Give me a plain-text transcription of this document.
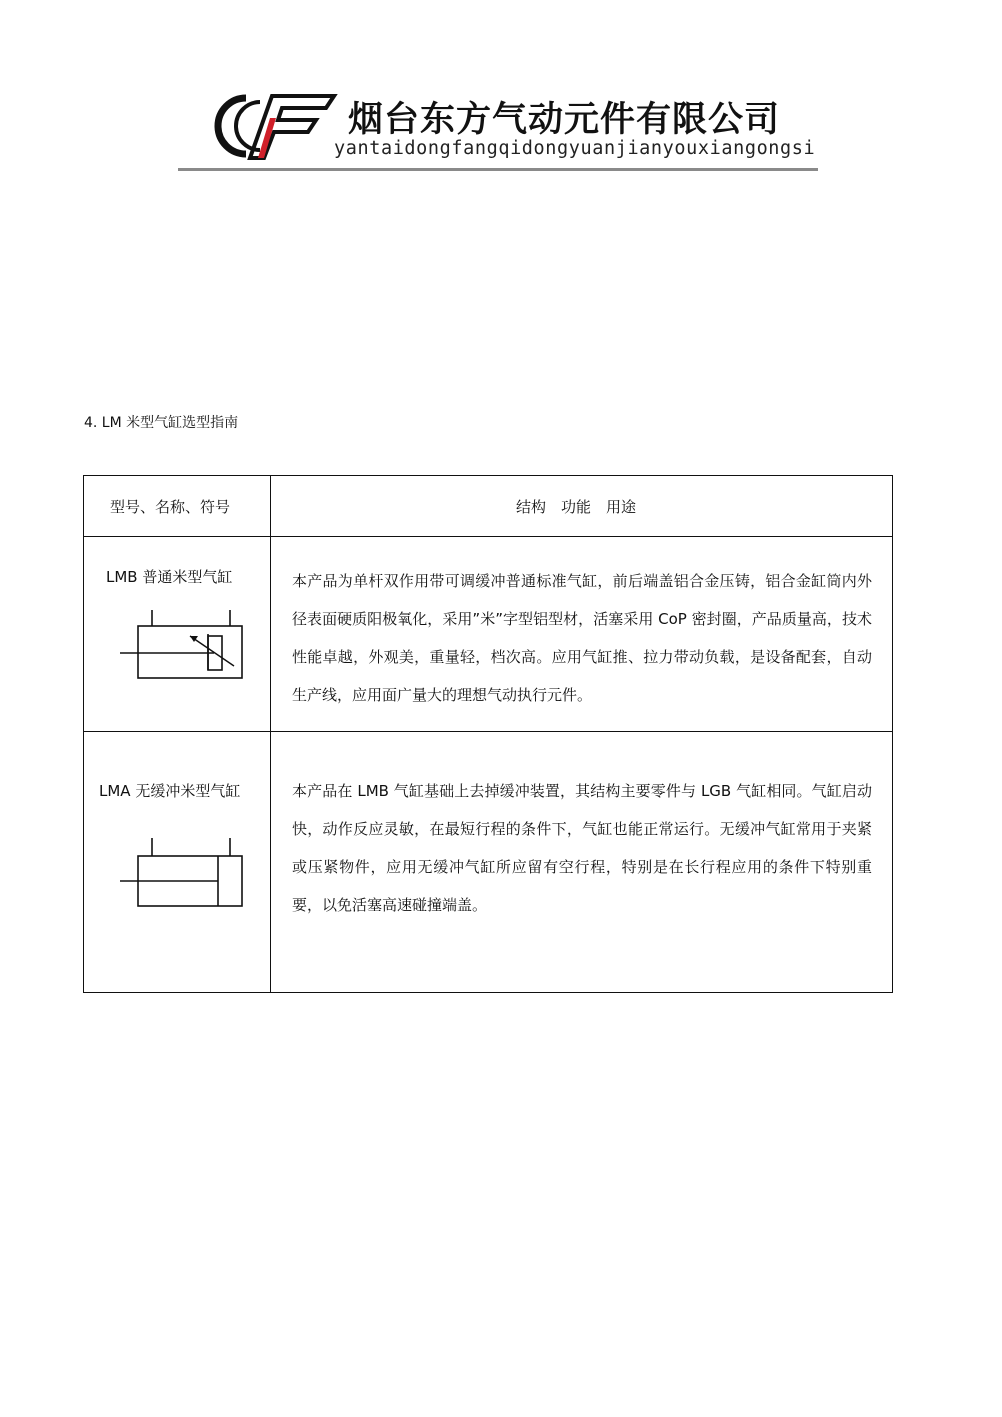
烟台东方气动元件有限公司
yantaidongfangqidongyuanjianyouxiangongsi
4. LM 米型气缸选型指南
型号、名称、符号	结构　功能　用途
LMB 普通米型气缸	本产品为单杆双作用带可调缓冲普通标准气缸，前后端盖铝合金压铸，铝合金缸筒内外径表面硬质阳极氧化，采用”米”字型铝型材，活塞采用 CoP 密封圈，产品质量高，技术性能卓越，外观美，重量轻，档次高。应用气缸推、拉力带动负载，是设备配套，自动生产线，应用面广量大的理想气动执行元件。
LMA 无缓冲米型气缸	本产品在 LMB 气缸基础上去掉缓冲装置，其结构主要零件与 LGB 气缸相同。气缸启动快，动作反应灵敏，在最短行程的条件下，气缸也能正常运行。无缓冲气缸常用于夹紧或压紧物件，应用无缓冲气缸所应留有空行程，特别是在长行程应用的条件下特别重要，以免活塞高速碰撞端盖。
